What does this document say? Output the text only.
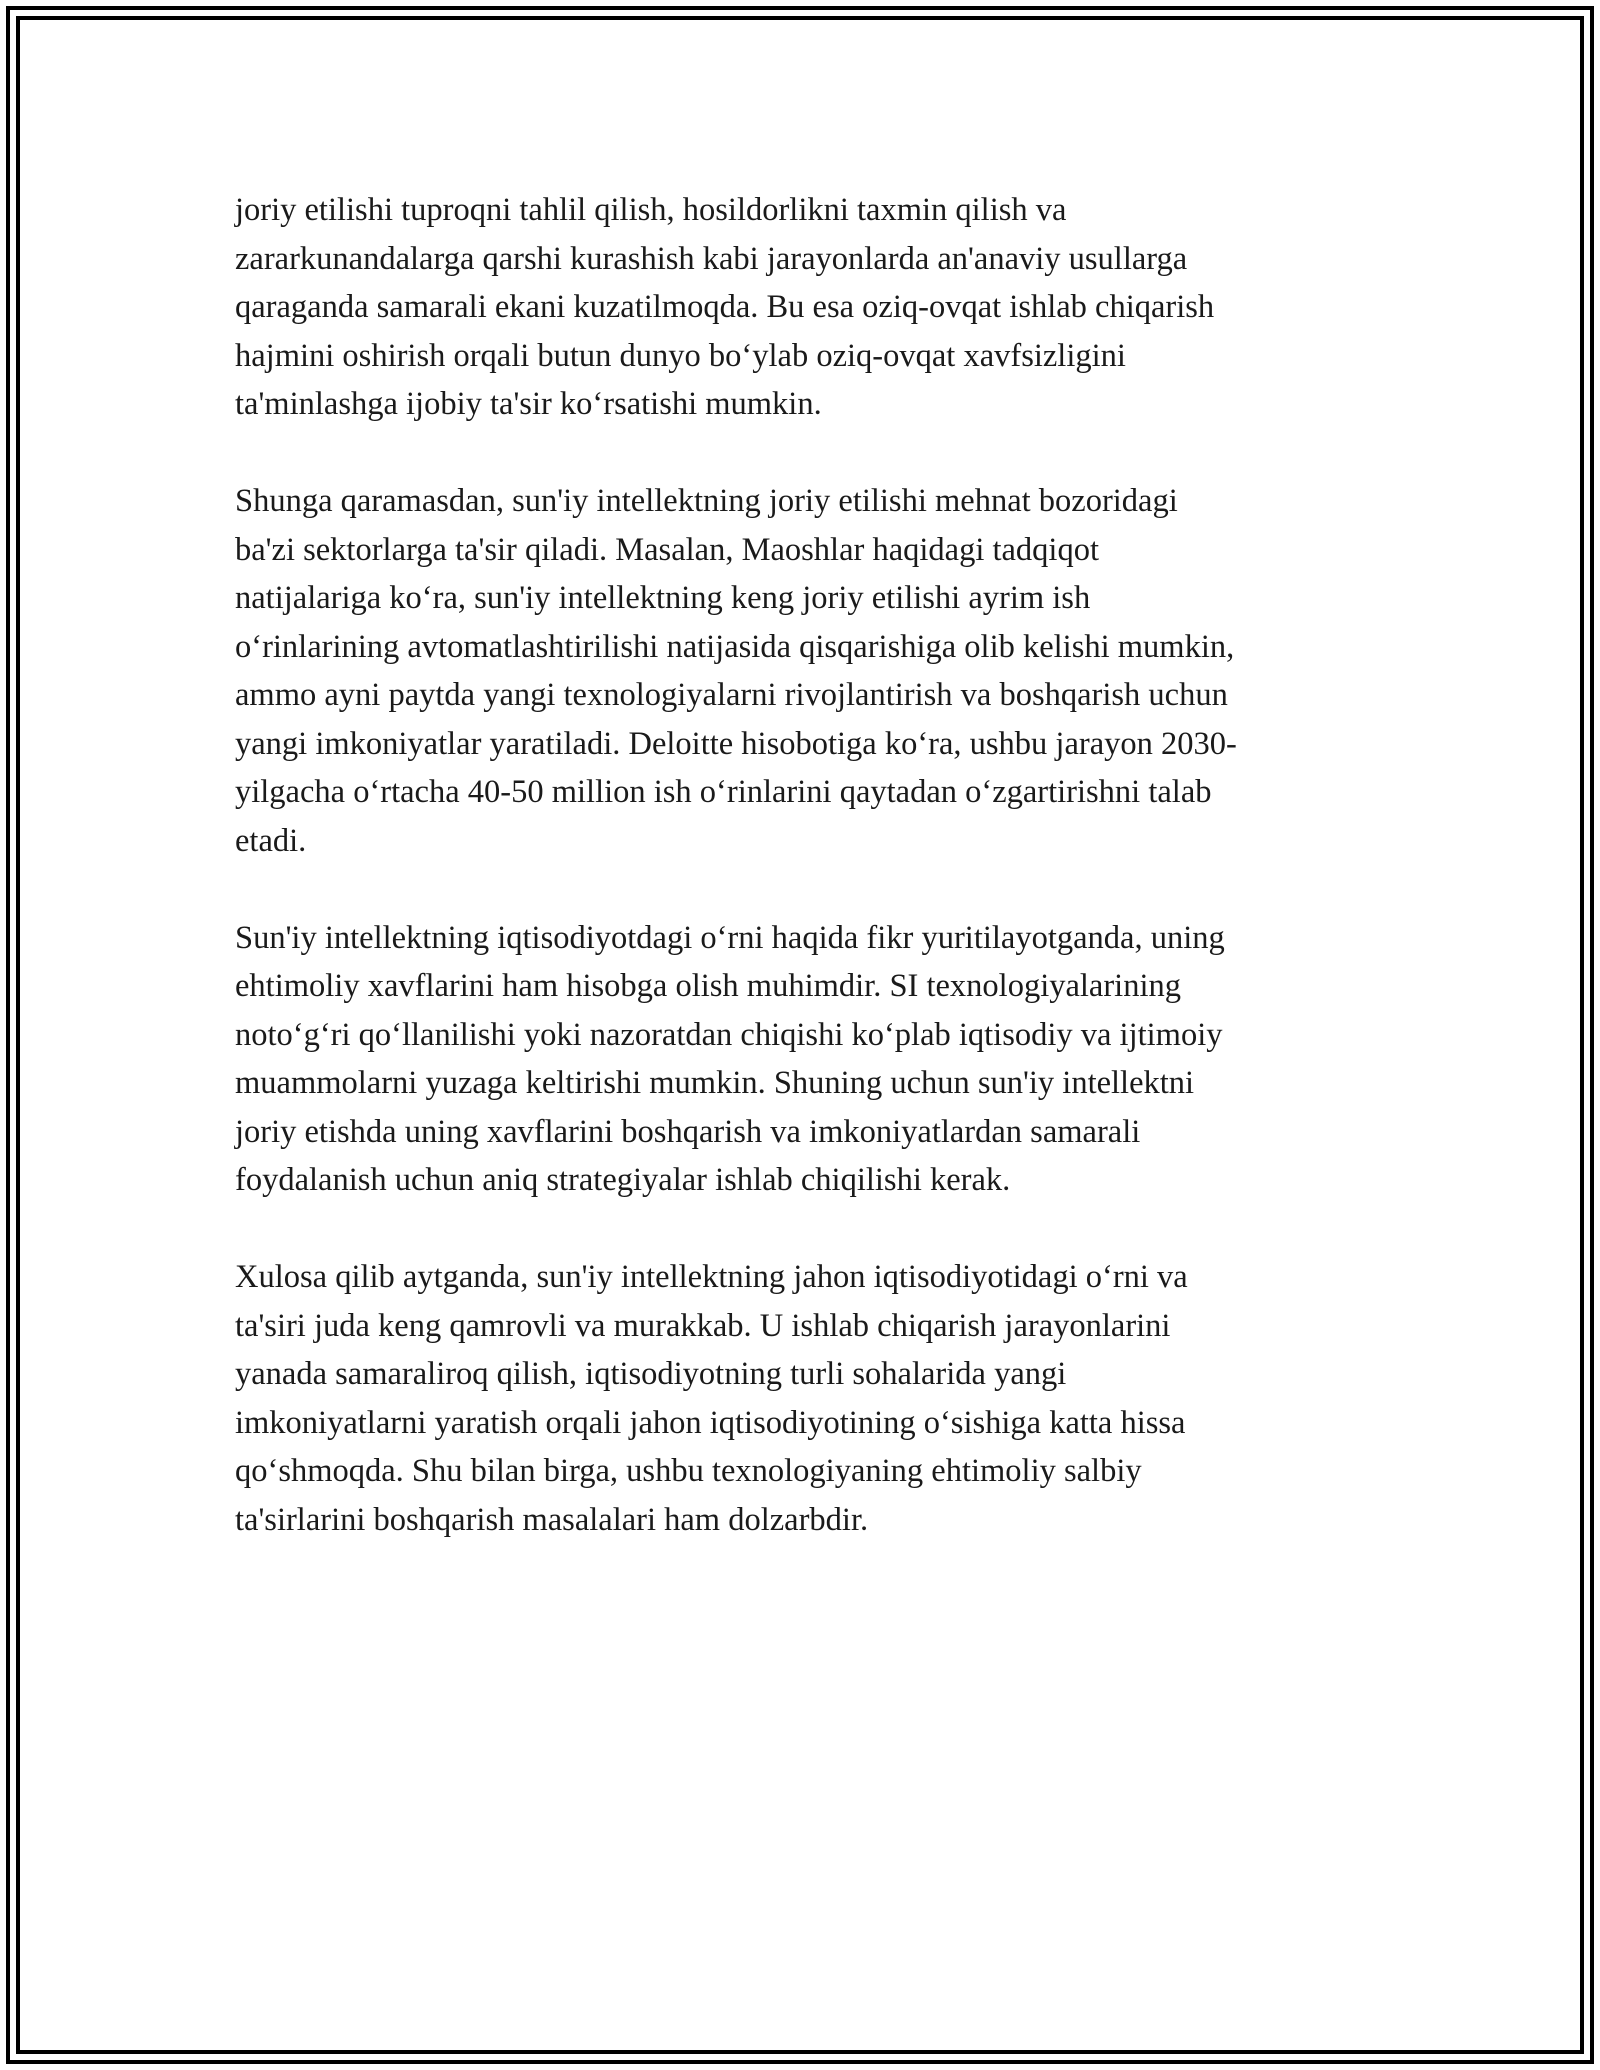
joriy etilishi tuproqni tahlil qilish, hosildorlikni taxmin qilish va
zararkunandalarga qarshi kurashish kabi jarayonlarda an'anaviy usullarga
qaraganda samarali ekani kuzatilmoqda. Bu esa oziq-ovqat ishlab chiqarish
hajmini oshirish orqali butun dunyo boʻylab oziq-ovqat xavfsizligini
ta'minlashga ijobiy ta'sir koʻrsatishi mumkin.

Shunga qaramasdan, sun'iy intellektning joriy etilishi mehnat bozoridagi
ba'zi sektorlarga ta'sir qiladi. Masalan, Maoshlar haqidagi tadqiqot
natijalariga koʻra, sun'iy intellektning keng joriy etilishi ayrim ish
oʻrinlarining avtomatlashtirilishi natijasida qisqarishiga olib kelishi mumkin,
ammo ayni paytda yangi texnologiyalarni rivojlantirish va boshqarish uchun
yangi imkoniyatlar yaratiladi. Deloitte hisobotiga koʻra, ushbu jarayon 2030-
yilgacha oʻrtacha 40-50 million ish oʻrinlarini qaytadan oʻzgartirishni talab
etadi.

Sun'iy intellektning iqtisodiyotdagi oʻrni haqida fikr yuritilayotganda, uning
ehtimoliy xavflarini ham hisobga olish muhimdir. SI texnologiyalarining
notoʻgʻri qoʻllanilishi yoki nazoratdan chiqishi koʻplab iqtisodiy va ijtimoiy
muammolarni yuzaga keltirishi mumkin. Shuning uchun sun'iy intellektni
joriy etishda uning xavflarini boshqarish va imkoniyatlardan samarali
foydalanish uchun aniq strategiyalar ishlab chiqilishi kerak.

Xulosa qilib aytganda, sun'iy intellektning jahon iqtisodiyotidagi oʻrni va
ta'siri juda keng qamrovli va murakkab. U ishlab chiqarish jarayonlarini
yanada samaraliroq qilish, iqtisodiyotning turli sohalarida yangi
imkoniyatlarni yaratish orqali jahon iqtisodiyotining oʻsishiga katta hissa
qoʻshmoqda. Shu bilan birga, ushbu texnologiyaning ehtimoliy salbiy
ta'sirlarini boshqarish masalalari ham dolzarbdir.
